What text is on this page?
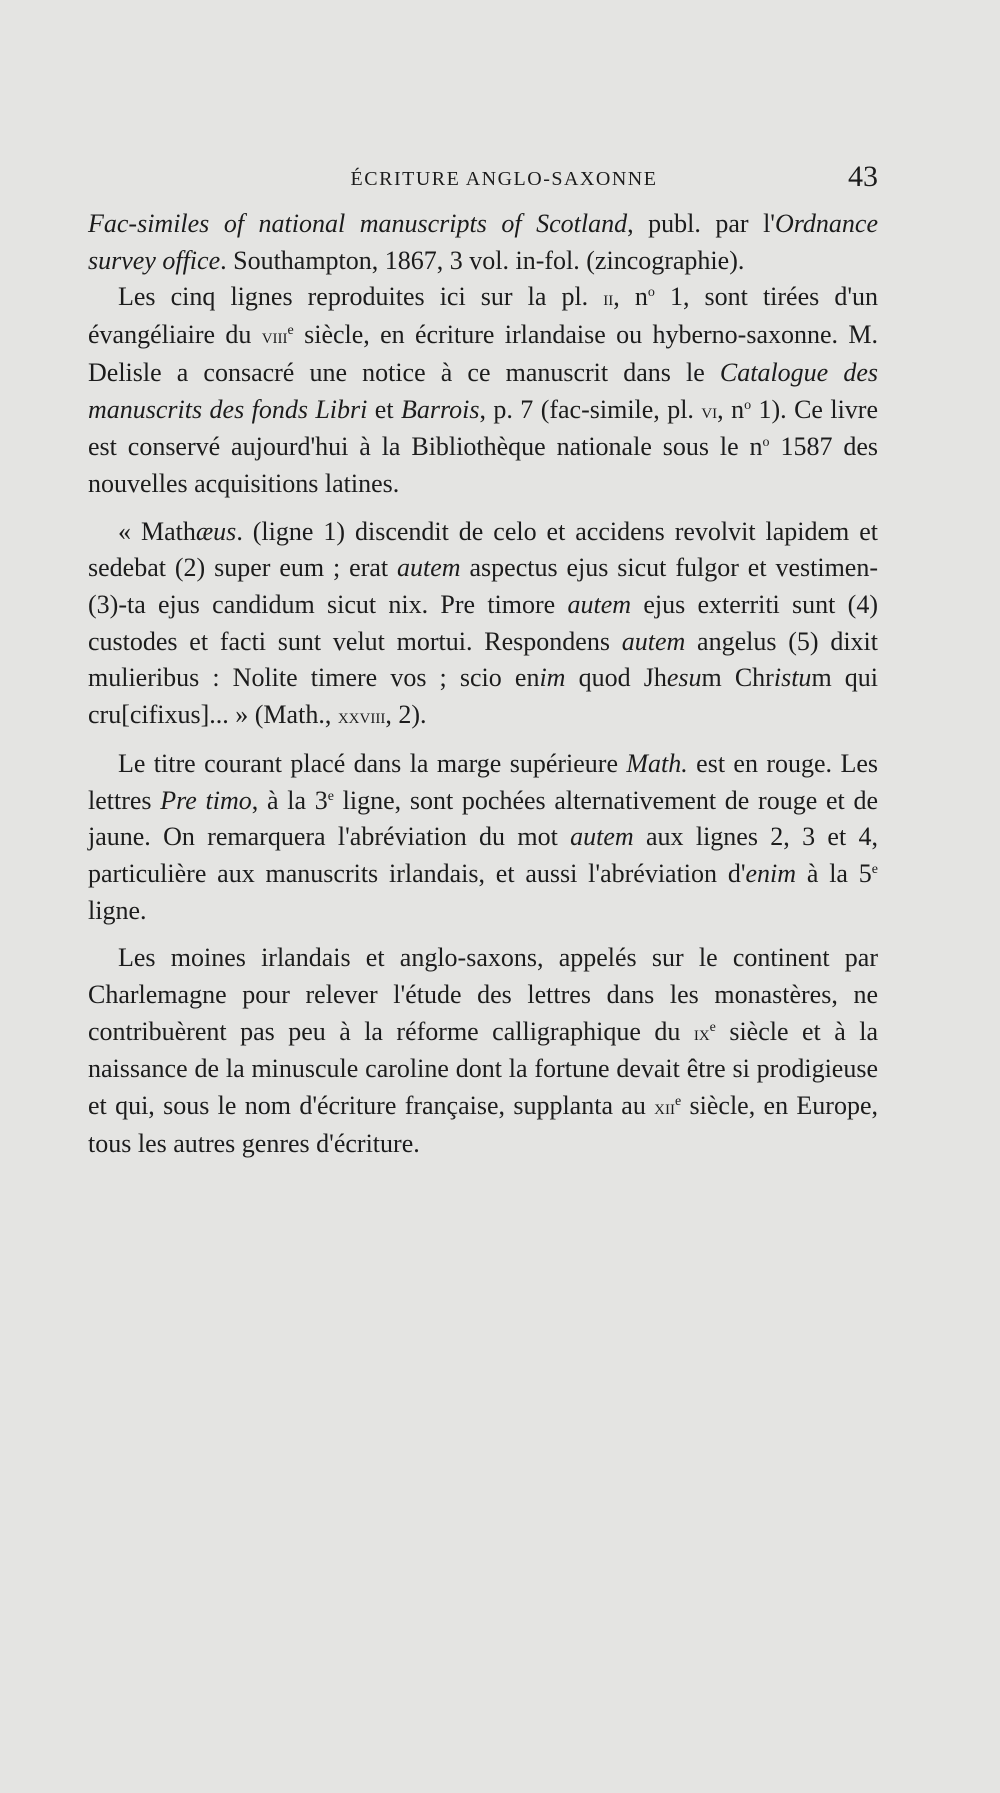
ÉCRITURE ANGLO-SAXONNE	43

Fac-similes of national manuscripts of Scotland, publ. par l'Ordnance survey office. Southampton, 1867, 3 vol. in-fol. (zincographie).

Les cinq lignes reproduites ici sur la pl. ii, $n^o$ 1, sont tirées d'un évangéliaire du viii$^e$ siècle, en écriture irlandaise ou hyberno-saxonne. M. Delisle a consacré une notice à ce manuscrit dans le Catalogue des manuscrits des fonds Libri et Barrois, p. 7 (fac-simile, pl. vi, $n^o$ 1). Ce livre est conservé aujourd'hui à la Bibliothèque nationale sous le $n^o$ 1587 des nouvelles acquisitions latines.

« Mathæus. (ligne 1) discendit de celo et accidens revolvit lapidem et sedebat (2) super eum ; erat autem aspectus ejus sicut fulgor et vestimen-(3)-ta ejus candidum sicut nix. Pre timore autem ejus exterriti sunt (4) custodes et facti sunt velut mortui. Respondens autem angelus (5) dixit mulieribus : Nolite timere vos ; scio enim quod Jhesum Christum qui cru[cifixus]... » (Math., xxviii, 2).

Le titre courant placé dans la marge supérieure Math. est en rouge. Les lettres Pre timo, à la 3e ligne, sont pochées alternativement de rouge et de jaune. On remarquera l'abréviation du mot autem aux lignes 2, 3 et 4, particulière aux manuscrits irlandais, et aussi l'abréviation d'enim à la 5e ligne.

Les moines irlandais et anglo-saxons, appelés sur le continent par Charlemagne pour relever l'étude des lettres dans les monastères, ne contribuèrent pas peu à la réforme calligraphique du $ix^e$ siècle et à la naissance de la minuscule caroline dont la fortune devait être si prodigieuse et qui, sous le nom d'écriture française, supplanta au xii$^e$ siècle, en Europe, tous les autres genres d'écriture.
